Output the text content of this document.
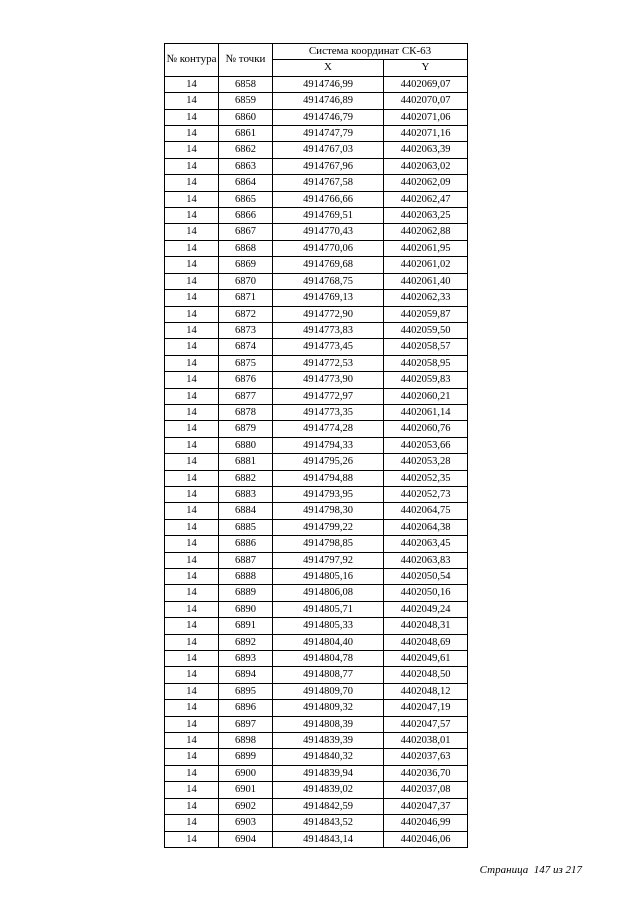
№ контура	№ точки	Система координат СК-63	
		X	Y
14	6858	4914746,99	4402069,07
14	6859	4914746,89	4402070,07
14	6860	4914746,79	4402071,06
14	6861	4914747,79	4402071,16
14	6862	4914767,03	4402063,39
14	6863	4914767,96	4402063,02
14	6864	4914767,58	4402062,09
14	6865	4914766,66	4402062,47
14	6866	4914769,51	4402063,25
14	6867	4914770,43	4402062,88
14	6868	4914770,06	4402061,95
14	6869	4914769,68	4402061,02
14	6870	4914768,75	4402061,40
14	6871	4914769,13	4402062,33
14	6872	4914772,90	4402059,87
14	6873	4914773,83	4402059,50
14	6874	4914773,45	4402058,57
14	6875	4914772,53	4402058,95
14	6876	4914773,90	4402059,83
14	6877	4914772,97	4402060,21
14	6878	4914773,35	4402061,14
14	6879	4914774,28	4402060,76
14	6880	4914794,33	4402053,66
14	6881	4914795,26	4402053,28
14	6882	4914794,88	4402052,35
14	6883	4914793,95	4402052,73
14	6884	4914798,30	4402064,75
14	6885	4914799,22	4402064,38
14	6886	4914798,85	4402063,45
14	6887	4914797,92	4402063,83
14	6888	4914805,16	4402050,54
14	6889	4914806,08	4402050,16
14	6890	4914805,71	4402049,24
14	6891	4914805,33	4402048,31
14	6892	4914804,40	4402048,69
14	6893	4914804,78	4402049,61
14	6894	4914808,77	4402048,50
14	6895	4914809,70	4402048,12
14	6896	4914809,32	4402047,19
14	6897	4914808,39	4402047,57
14	6898	4914839,39	4402038,01
14	6899	4914840,32	4402037,63
14	6900	4914839,94	4402036,70
14	6901	4914839,02	4402037,08
14	6902	4914842,59	4402047,37
14	6903	4914843,52	4402046,99
14	6904	4914843,14	4402046,06
Страница 147 из 217
